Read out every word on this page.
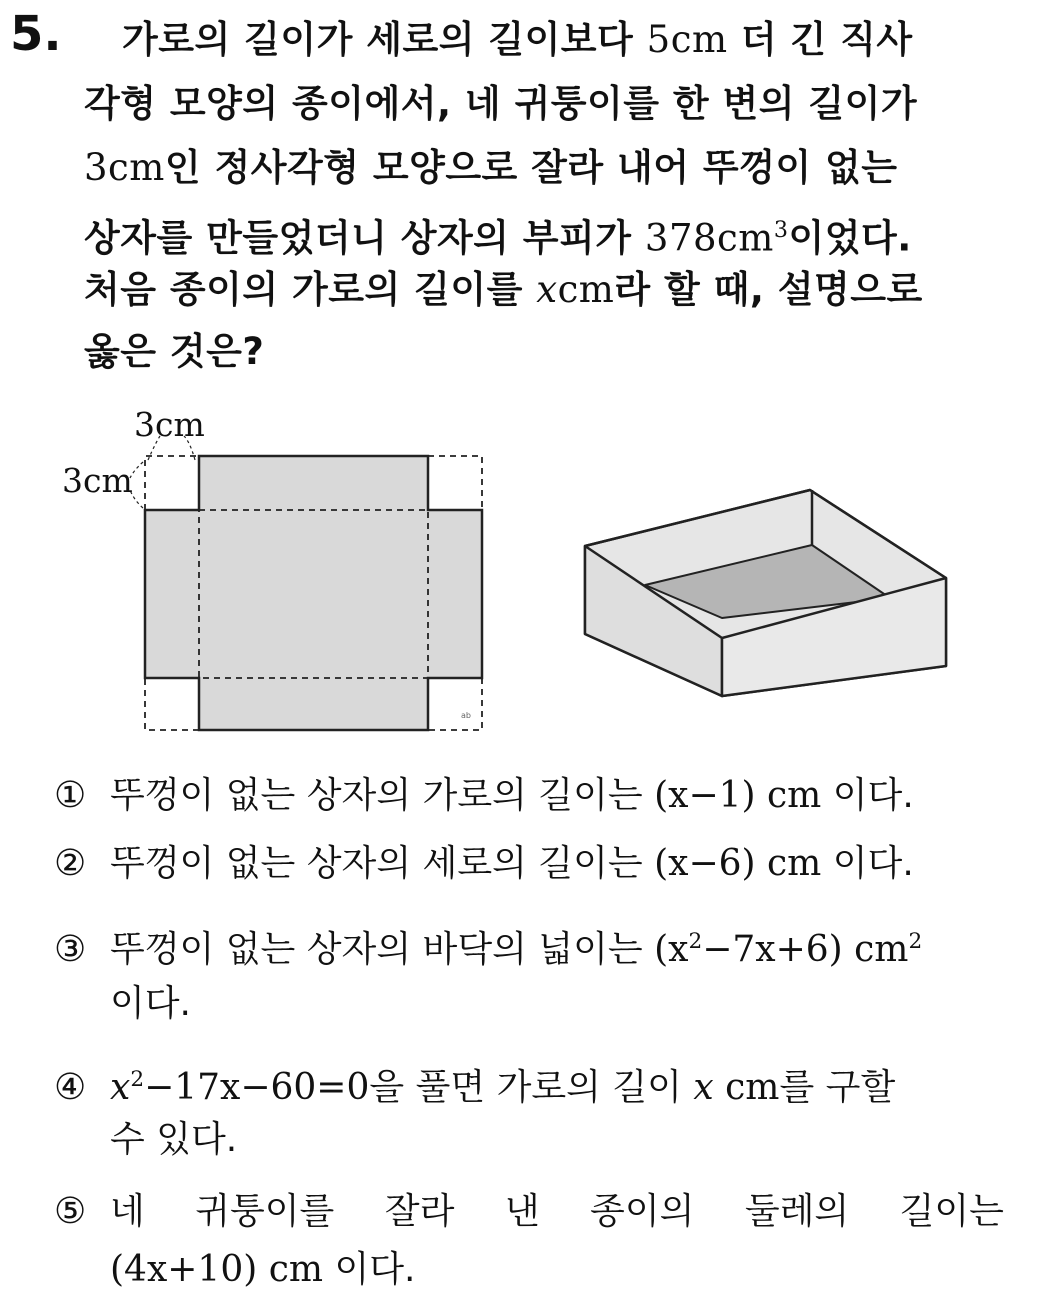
5. 가로의 길이가 세로의 길이보다 5cm 더 긴 직사
각형 모양의 종이에서, 네 귀퉁이를 한 변의 길이가
3cm인 정사각형 모양으로 잘라 내어 뚜껑이 없는
상자를 만들었더니 상자의 부피가 $378cm^3$이었다.
처음 종이의 가로의 길이를 xcm라 할 때, 설명으로
옳은 것은?
3cm
3cm
ab
① 뚜껑이 없는 상자의 가로의 길이는 (x−1) cm 이다.
② 뚜껑이 없는 상자의 세로의 길이는 (x−6) cm 이다.
③ 뚜껑이 없는 상자의 바닥의 넓이는 $(x^2-7x+6)$ $cm^2$
이다.
④ $x^2-17x-60=0$을 풀면 가로의 길이 x cm를 구할
수 있다.
⑤ 네 귀퉁이를 잘라 낸 종이의 둘레의 길이는
(4x+10) cm 이다.
